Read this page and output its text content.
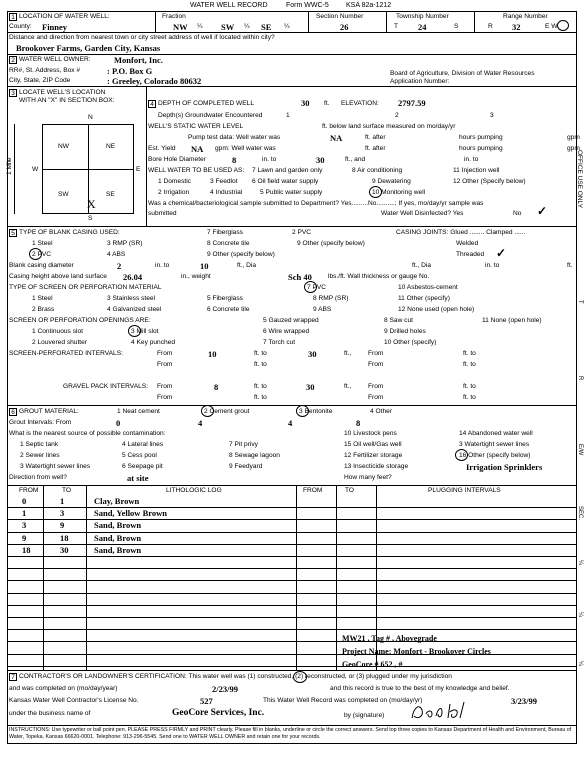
WATER WELL RECORD	Form WWC-5 KSA 82a-1212
1 LOCATION OF WATER WELL:
County: Finney
Fraction
NW ¼ SW ¼ SE ¼
Section Number
26
Township Number
T 24	S
Range Number
R 32	E W
Distance and direction from nearest town or city street address of well if located within city?
Brookover Farms, Garden City, Kansas
2 WATER WELL OWNER:	Monfort, Inc.
RR#, St. Address, Box #	: P.O. Box G
City, State, ZIP Code	: Greeley, Colorado 80632
Board of Agriculture, Division of Water Resources
Application Number:
3 LOCATE WELL'S LOCATION
WITH AN "X" IN SECTION BOX:
N
S
E
W
NW	NE
SW	SE
X
1 Mile
4 DEPTH OF COMPLETED WELL	30 ft. ELEVATION: 2797.59
Depth(s) Groundwater Encountered	1	2	3
WELL'S STATIC WATER LEVEL	ft. below land surface measured on mo/day/yr
Pump test data: Well water was	NA	ft. after	hours pumping	gpm
Est. Yield NA gpm: Well water was	ft. after	hours pumping	gpm
Bore Hole Diameter	8	in. to	30	ft., and	in. to
WELL WATER TO BE USED AS: 7 Lawn and garden only	8 Air conditioning	11 Injection well
1 Domestic	3 Feedlot 6 Oil field water supply	9 Dewatering	12 Other (Specify below)
2 Irrigation	4 Industrial	5 Public water supply	10 Monitoring well
Was a chemical/bacteriological sample submitted to Department? Yes.........No..........; If yes, mo/day/yr sample was
submitted	Water Well Disinfected? Yes	No ✓
5 TYPE OF BLANK CASING USED:	7 Fiberglass	2 PVC	CASING JOINTS: Glued ........ Clamped ......
1 Steel	3 RMP (SR)	8 Concrete tile	9 Other (specify below)	Welded
2 PVC	4 ABS	9 Other (specify below)	Threaded ✓
Blank casing diameter	2	in. to	10	ft., Dia	ft., Dia	in. to	ft.
Casing height above land surface 26.04	in., weight	Sch 40 lbs./ft. Wall thickness or gauge No.
TYPE OF SCREEN OR PERFORATION MATERIAL	7 PVC	10 Asbestos-cement
1 Steel	3 Stainless steel	5 Fiberglass	8 RMP (SR)	11 Other (specify)
2 Brass	4 Galvanized steel	6 Concrete tile	9 ABS	12 None used (open hole)
SCREEN OR PERFORATION OPENINGS ARE:	5 Gauzed wrapped	8 Saw cut	11 None (open hole)
1 Continuous slot	3 Mill slot	6 Wire wrapped	9 Drilled holes
2 Louvered shutter	4 Key punched	7 Torch cut	10 Other (specify)
SCREEN-PERFORATED INTERVALS:	From	10	ft. to	30	ft.,	From	ft. to
From	ft. to	From	ft. to
GRAVEL PACK INTERVALS: From	8	ft. to	30	ft.,	From	ft. to
From	ft. to	From	ft. to
6 GROUT MATERIAL:	1 Neat cement	2 Cement grout	3 Bentonite	4 Other
Grout Intervals: From	0	4	4	8
What is the nearest source of possible contamination:	10 Livestock pens	14 Abandoned water well
1 Septic tank	4 Lateral lines	7 Pit privy	15 Oil well/Gas well	3 Watertight sewer lines
2 Sewer lines	5 Cess pool	8 Sewage lagoon	12 Fertilizer storage	16 Other (specify below)
3 Watertight sewer lines	6 Seepage pit	9 Feedyard	13 Insecticide storage	Irrigation Sprinklers
Direction from well?	at site	How many feet?
FROM	TO	LITHOLOGIC LOG	FROM	TO	PLUGGING INTERVALS
0	1	Clay, Brown
1	3	Sand, Yellow Brown
3	9	Sand, Brown
9	18	Sand, Brown
18	30	Sand, Brown
MW21 , Tag # , Abovegrade
Project Name: Monfort - Brookover Circles
GeoCore # 652 , #
7 CONTRACTOR'S OR LANDOWNER'S CERTIFICATION: This water well was (1) constructed, (2) reconstructed, or (3) plugged under my jurisdiction
and was completed on (mo/day/year)	2/23/99	and this record is true to the best of my knowledge and belief.
Kansas Water Well Contractor's License No.	527	This Water Well Record was completed on (mo/day/yr)	3/23/99
under the business name of	GeoCore Services, Inc.	by (signature)
INSTRUCTIONS: Use typewriter or ball point pen. PLEASE PRESS FIRMLY and PRINT clearly. Please fill in blanks, underline or circle the correct answers. Send top three copies to Kansas Department of Health and Environment, Bureau of Water, Topeka, Kansas 66620-0001. Telephone: 913-296-5545. Send one to WATER WELL OWNER and retain one for your records.
OFFICE USE ONLY
T
R
E/W
SEC.
¼
¼
¼
